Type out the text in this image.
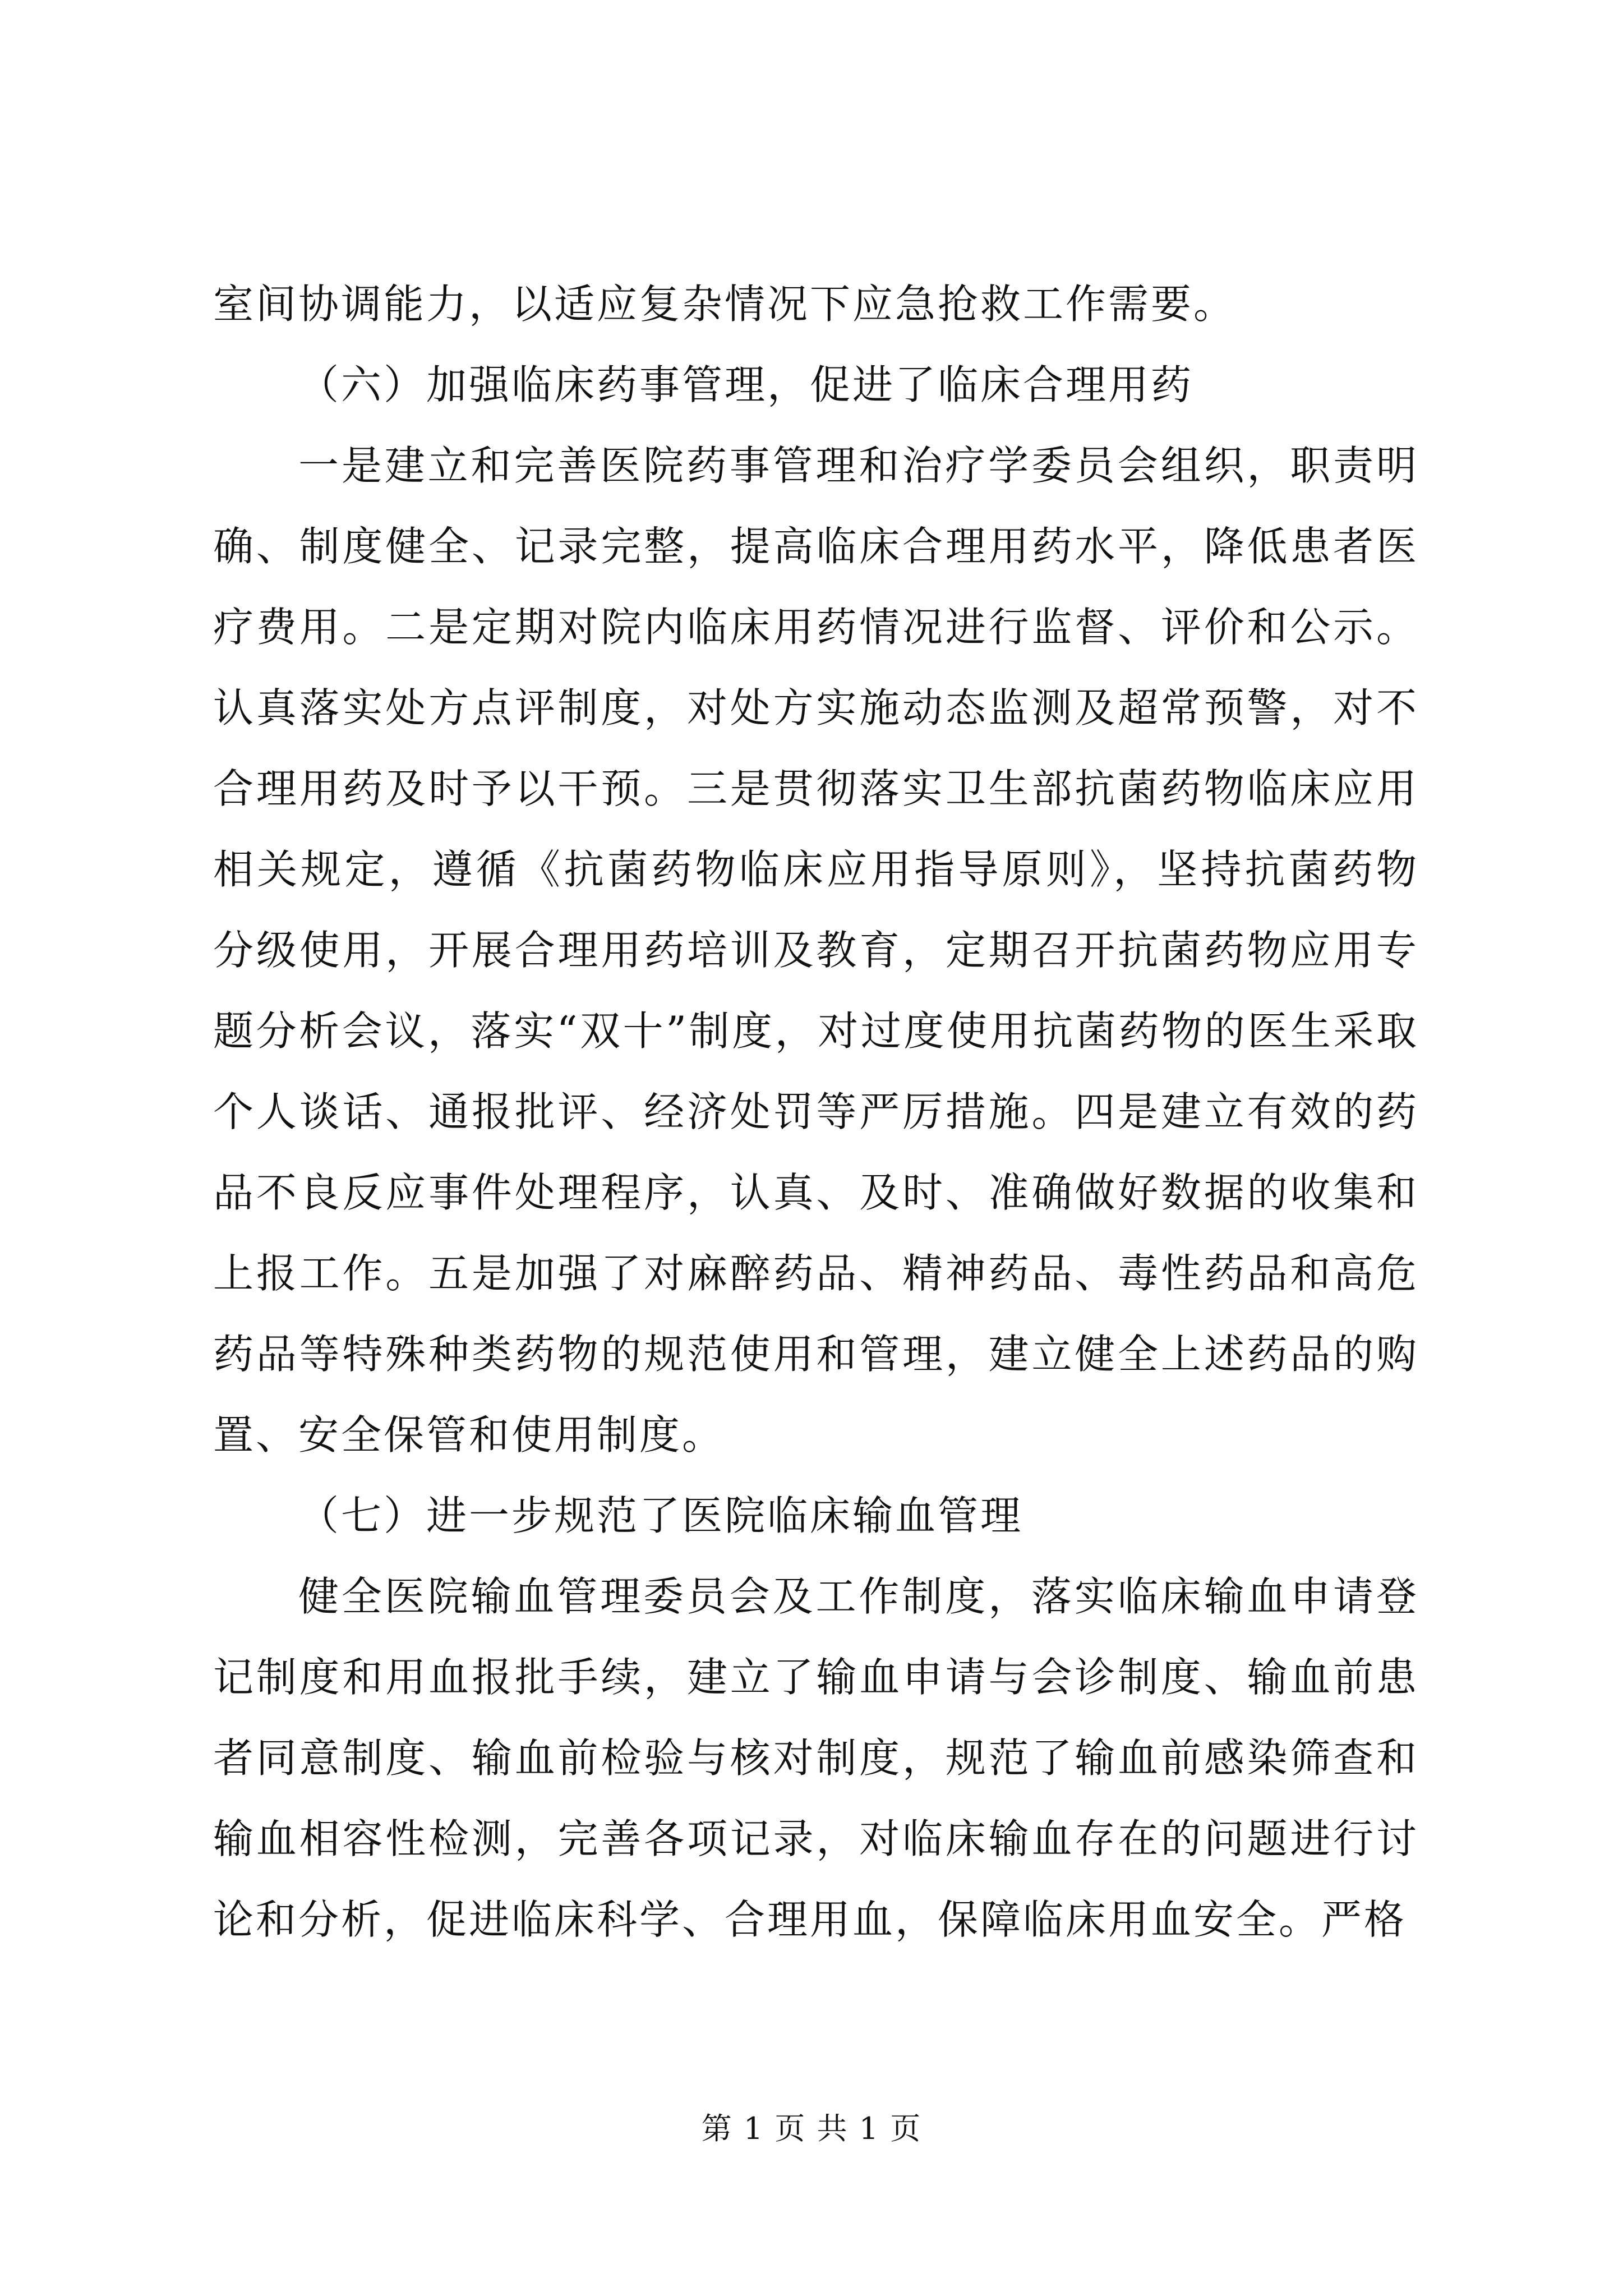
室间协调能力，以适应复杂情况下应急抢救工作需要。

（六）加强临床药事管理，促进了临床合理用药

一是建立和完善医院药事管理和治疗学委员会组织，职责明确、制度健全、记录完整，提高临床合理用药水平，降低患者医疗费用。二是定期对院内临床用药情况进行监督、评价和公示。认真落实处方点评制度，对处方实施动态监测及超常预警，对不合理用药及时予以干预。三是贯彻落实卫生部抗菌药物临床应用相关规定，遵循《抗菌药物临床应用指导原则》，坚持抗菌药物分级使用，开展合理用药培训及教育，定期召开抗菌药物应用专题分析会议，落实“双十”制度，对过度使用抗菌药物的医生采取个人谈话、通报批评、经济处罚等严厉措施。四是建立有效的药品不良反应事件处理程序，认真、及时、准确做好数据的收集和上报工作。五是加强了对麻醉药品、精神药品、毒性药品和高危药品等特殊种类药物的规范使用和管理，建立健全上述药品的购置、安全保管和使用制度。

（七）进一步规范了医院临床输血管理

健全医院输血管理委员会及工作制度，落实临床输血申请登记制度和用血报批手续，建立了输血申请与会诊制度、输血前患者同意制度、输血前检验与核对制度，规范了输血前感染筛查和输血相容性检测，完善各项记录，对临床输血存在的问题进行讨论和分析，促进临床科学、合理用血，保障临床用血安全。严格

第 1 页 共 1 页
